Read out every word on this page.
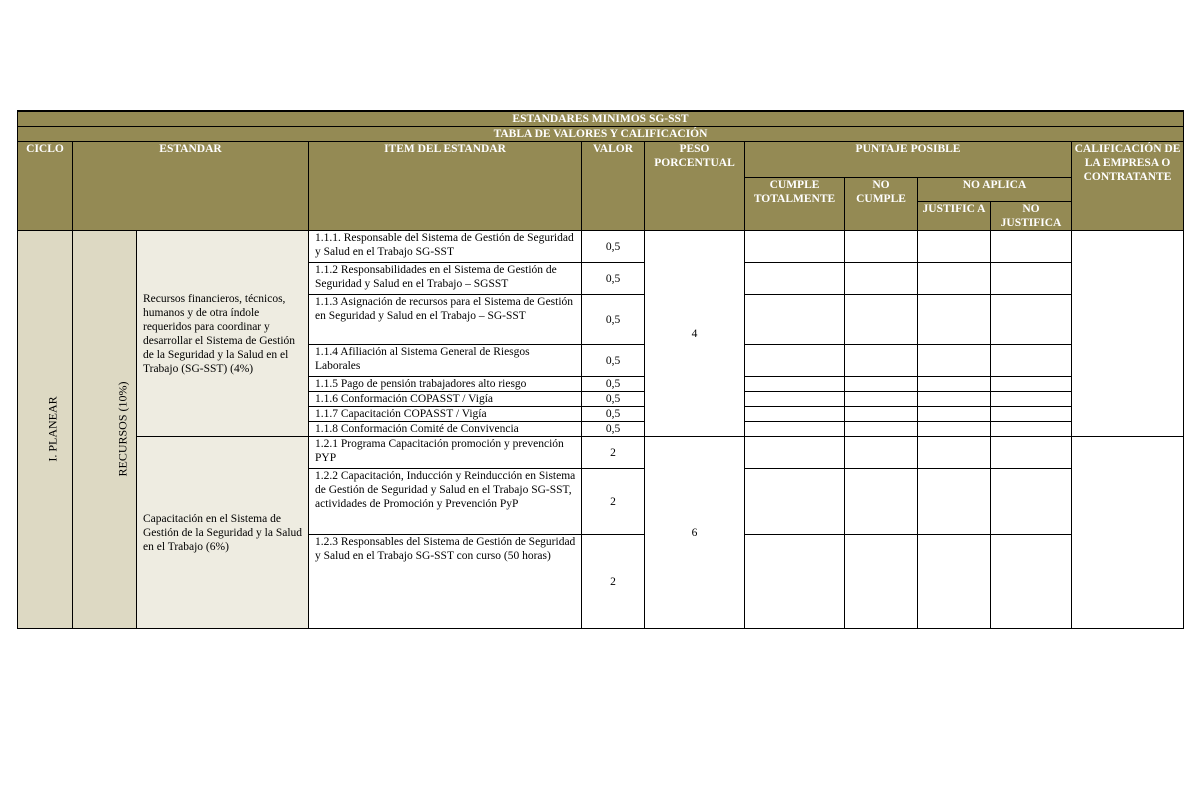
ESTANDARES MINIMOS SG-SST										
TABLA DE VALORES Y CALIFICACIÓN										
CICLO	ESTANDAR		ITEM DEL ESTANDAR	VALOR	PESO PORCENTUAL	PUNTAJE POSIBLE				CALIFICACIÓN DE LA EMPRESA O CONTRATANTE
						CUMPLE TOTALMENTE	NO CUMPLE	NO APLICA		
								JUSTIFIC A	NO JUSTIFICA	
I. PLANEAR	RECURSOS (10%)	Recursos financieros, técnicos, humanos y de otra índole requeridos para coordinar y desarrollar el Sistema de Gestión de la Seguridad y la Salud en el Trabajo (SG-SST) (4%)	1.1.1. Responsable del Sistema de Gestión de Seguridad y Salud en el Trabajo SG-SST	0,5	4					
			1.1.2 Responsabilidades en el Sistema de Gestión de Seguridad y Salud en el Trabajo – SGSST	0,5						
			1.1.3 Asignación de recursos para el Sistema de Gestión en Seguridad y Salud en el Trabajo – SG-SST	0,5						
			1.1.4 Afiliación al Sistema General de Riesgos Laborales	0,5						
			1.1.5 Pago de pensión trabajadores alto riesgo	0,5						
			1.1.6 Conformación COPASST / Vigía	0,5						
			1.1.7 Capacitación COPASST / Vigía	0,5						
			1.1.8 Conformación Comité de Convivencia	0,5						
		Capacitación en el Sistema de Gestión de la Seguridad y la Salud en el Trabajo (6%)	1.2.1 Programa Capacitación promoción y prevención PYP	2	6					
			1.2.2 Capacitación, Inducción y Reinducción en Sistema de Gestión de Seguridad y Salud en el Trabajo SG-SST, actividades de Promoción y Prevención PyP	2						
			1.2.3 Responsables del Sistema de Gestión de Seguridad y Salud en el Trabajo SG-SST con curso (50 horas)	2						
